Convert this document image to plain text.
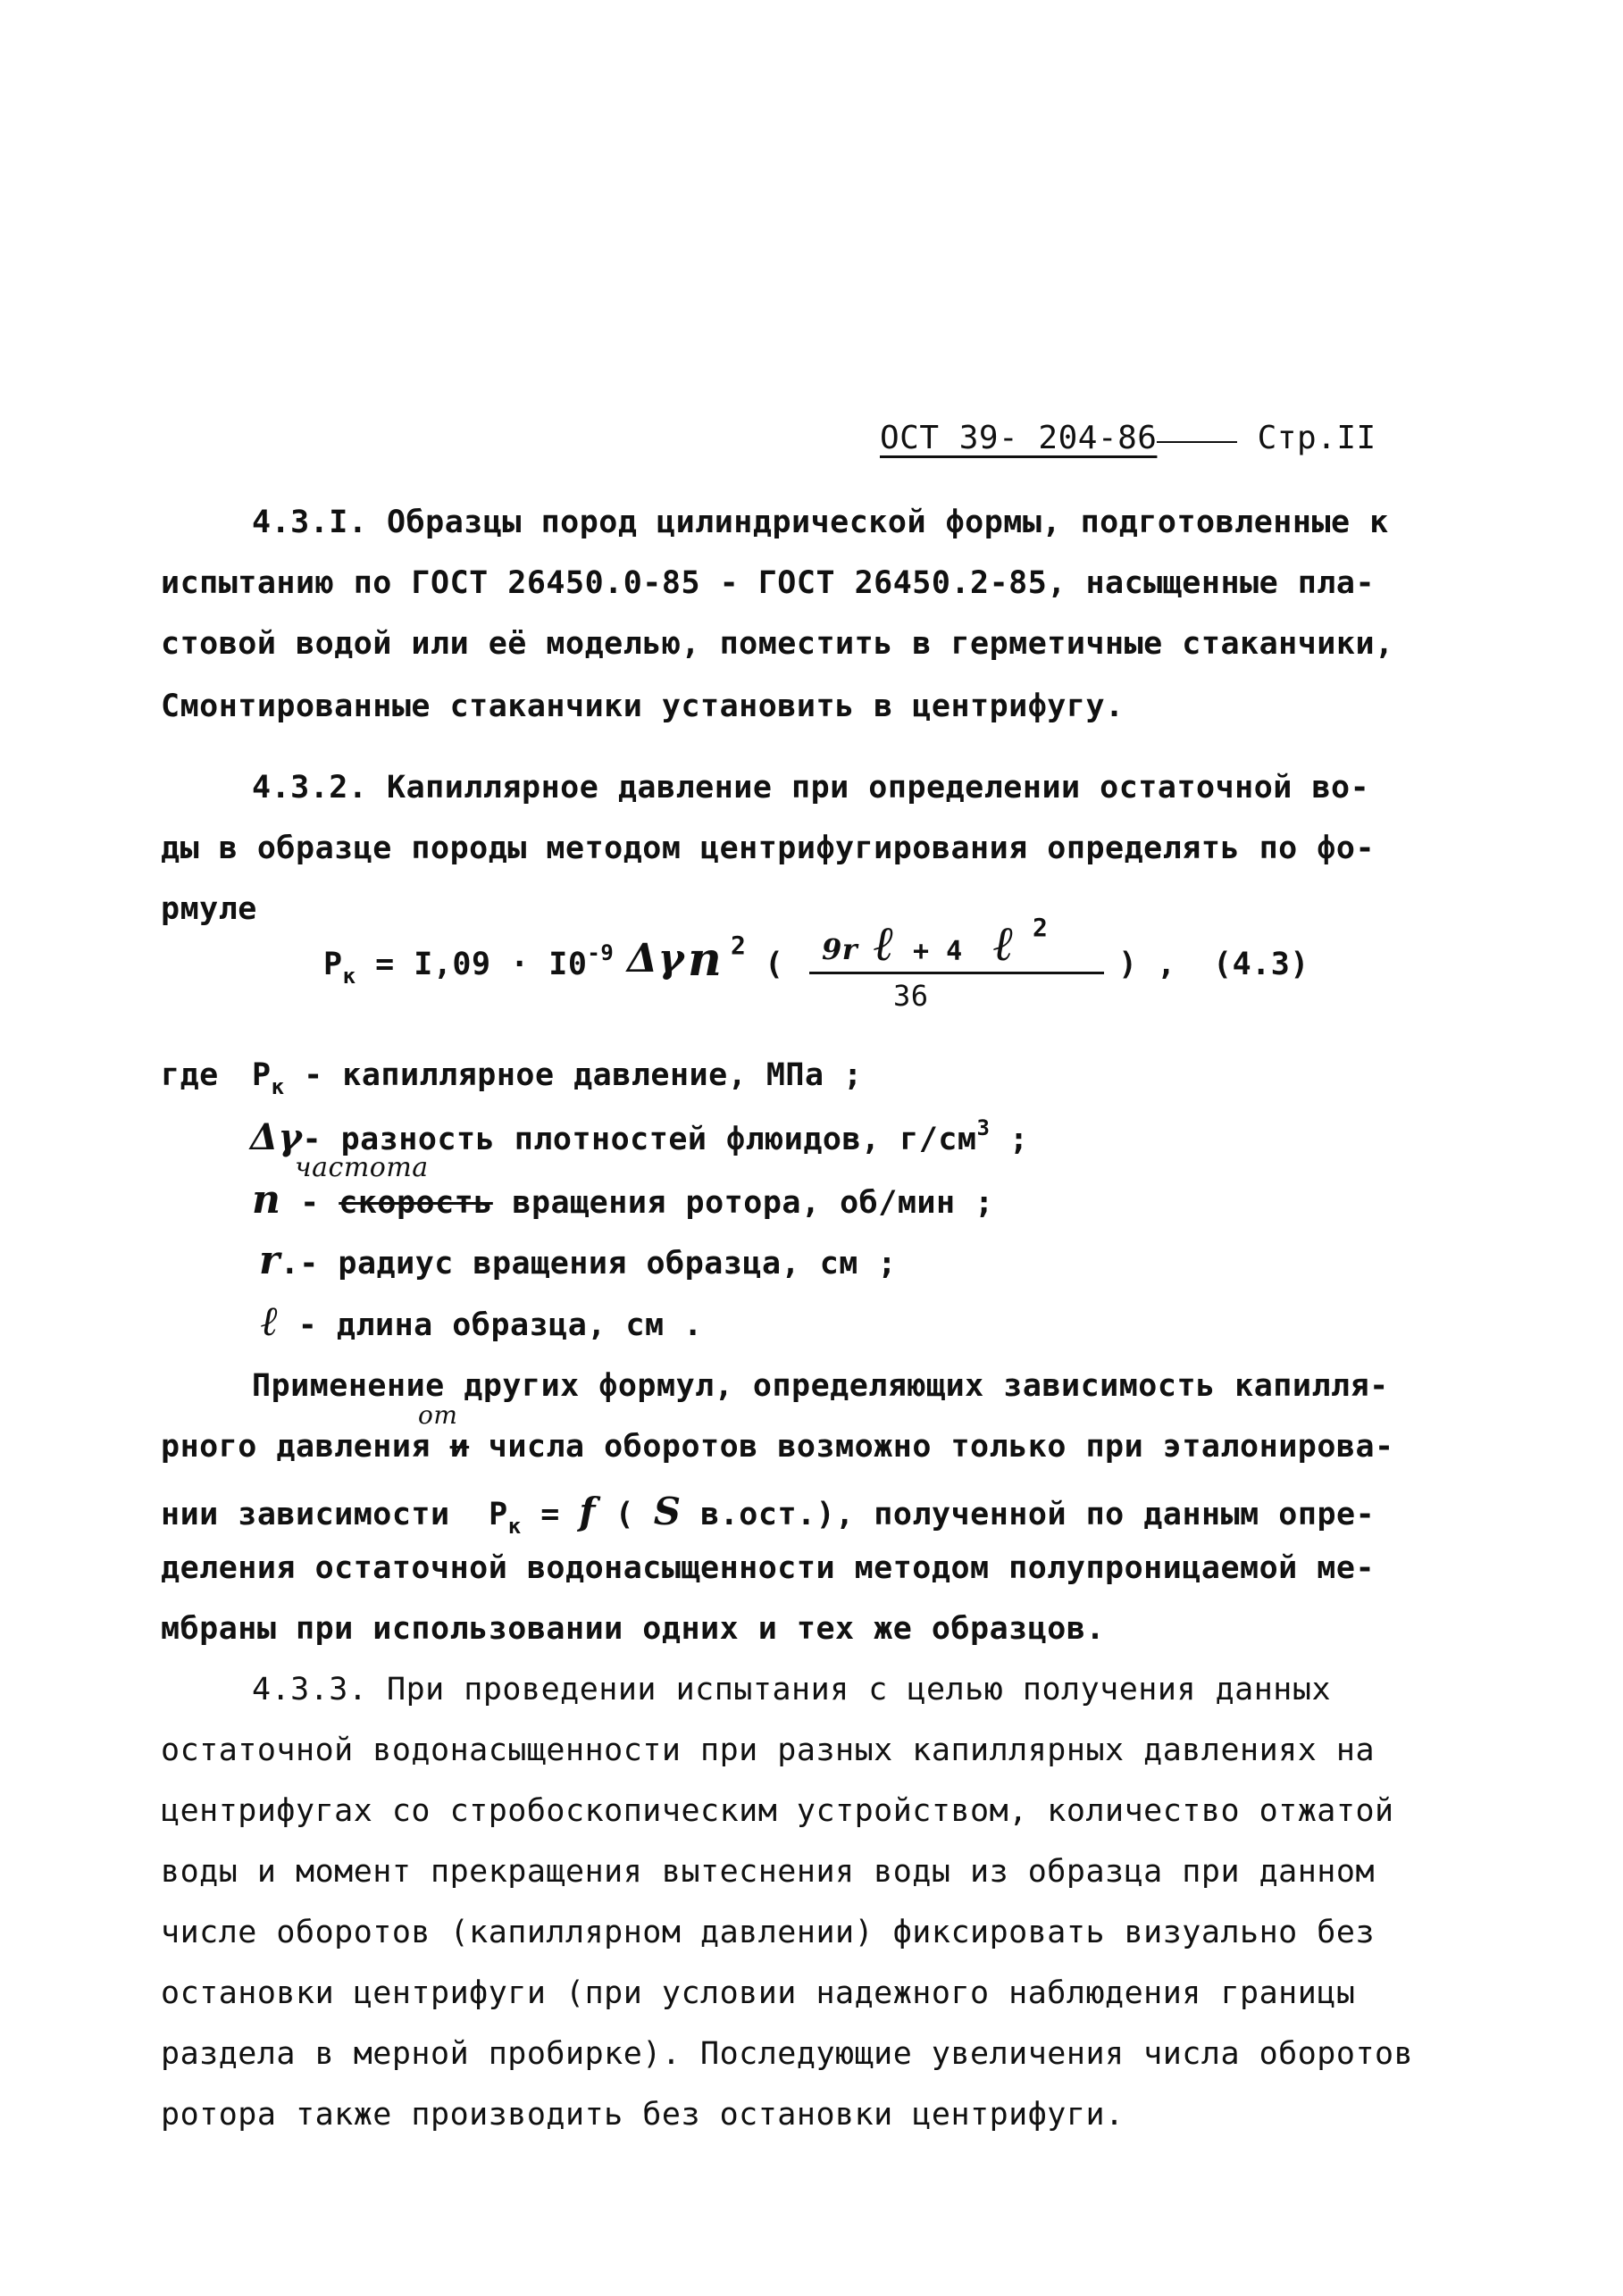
ОСТ 39- 204-86	Стр.II
4.3.I. Образцы пород цилиндрической формы, подготовленные к
испытанию по ГОСТ 26450.0-85 - ГОСТ 26450.2-85, насыщенные пла-
стовой водой или её моделью, поместить в герметичные стаканчики,
Смонтированные стаканчики установить в центрифугу.
4.3.2. Капиллярное давление при определении остаточной во-
ды в образце породы методом центрифугирования определять по фо-
рмуле
$Р_к = I,09 \cdot I0^{-9}$ Δγ n 2
( 9r ℓ + 4 ℓ 2
36
) , (4.3)
где $Р_к$ - капиллярное давление, МПа ;
Δγ- разность плотностей флюидов, $г/см^3$ ;
частота
n - скорость вращения ротора, об/мин ;
r.- радиус вращения образца, см ;
ℓ - длина образца, см .
Применение других формул, определяющих зависимость капилля-
от
рного давления и числа оборотов возможно только при эталонирова-
нии зависимости $Р_к = f$ ( S в.ост.), полученной по данным опре-
деления остаточной водонасыщенности методом полупроницаемой ме-
мбраны при использовании одних и тех же образцов.
4.3.3. При проведении испытания с целью получения данных
остаточной водонасыщенности при разных капиллярных давлениях на
центрифугах со стробоскопическим устройством, количество отжатой
воды и момент прекращения вытеснения воды из образца при данном
числе оборотов (капиллярном давлении) фиксировать визуально без
остановки центрифуги (при условии надежного наблюдения границы
раздела в мерной пробирке). Последующие увеличения числа оборотов
ротора также производить без остановки центрифуги.
